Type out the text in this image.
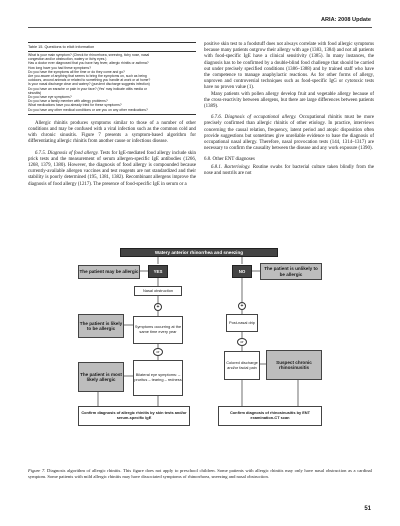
ARIA: 2008 Update
Table 15. Questions to elicit information
What is your main symptom? (Check for rhinorrhoea, sneezing, itchy nose, nasal
congestion and/or obstruction, watery or itchy eyes.)
Has a doctor ever diagnosed that you have hay fever, allergic rhinitis or asthma?
How long have you had these symptoms?
Do you have the symptoms all the time or do they come and go?
Are you aware of anything that seems to bring the symptoms on, such as being
outdoors, around animals or related to something you handle at work or at home?
Is your nasal discharge clear and watery? (purulent discharge suggests infection)
Do you have an earache or pain in your face? (Yes' may indicate otitis media or
sinusitis)
Do you have eye symptoms?
Do you have a family member with allergy problems?
What medications have you already tried for these symptoms?
Do you have any other medical conditions or are you on any other medications?

Allergic rhinitis produces symptoms similar to those of a number of other conditions and may be confused with a viral infection such as the common cold and with chronic sinusitis. Figure 7 presents a symptom-based algorithm for differentiating allergic rhinitis from another cause or infectious disease.

6.7.5. Diagnosis of food allergy. Tests for IgE-mediated food allergy include skin prick tests and the measurement of serum allergen-specific IgE antibodies (1266, 1268, 1379, 1380). However, the diagnosis of food allergy is compounded because currently-available allergen vaccines and test reagents are not standardized and their stability is poorly determined (195, 1381, 1382). Recombinant allergens improve the diagnosis of food allergy (1217). The presence of food-specific IgE in serum or a

positive skin test to a foodstuff does not always correlate with food allergic symptoms because many patients outgrow their allergy with age (1383, 1384) and not all patients with food-specific IgE have a clinical sensitivity (1385). In many instances, the diagnosis has to be confirmed by a double-blind food challenge that should be carried out under precisely specified conditions (1386–1388) and by trained staff who have the competence to manage anaphylactic reactions. As for other forms of allergy, unproven and controversial techniques such as food-specific IgG or cytotoxic tests have no proven value (1).

Many patients with pollen allergy develop fruit and vegetable allergy because of the cross-reactivity between allergens, but there are large differences between patients (1389).

6.7.6. Diagnosis of occupational allergy. Occupational rhinitis must be more precisely confirmed than allergic rhinitis of other etiology. In practice, interviews concerning the causal relation, frequency, latent period and atopic disposition often provide suggestions but sometimes give unreliable evidence to base the diagnosis of occupational nasal allergy. Therefore, nasal provocation tests (144, 1314–1317) are necessary to confirm the causality between the disease and any work exposure (1390).

6.8. Other ENT diagnoses

6.8.1. Bacteriology. Routine swabs for bacterial culture taken blindly from the nose and nostrils are not

Watery anterior rhinorrhea and sneezing
The patient may be allergic	YES	NO
The patient is unlikely to be allergic
Nasal obstruction
+	+
The patient is likely to be allergic	Symptoms occurring at the same time every year
Post-nasal drip
or
or
The patient is most likely allergic
Bilateral eye symptoms: – pruritus – tearing – redness
Colored discharge and/or facial pain
Suspect chronic rhinosinusitis
Confirm diagnosis of allergic rhinitis by skin tests and/or serum-specific IgE
Confirm diagnosis of rhinosinusitis by ENT examination-CT scan
Figure 7. Diagnosis algorithm of allergic rhinitis. This figure does not apply to preschool children. Some patients with allergic rhinitis may only have nasal obstruction as a cardinal symptom. Some patients with mild allergic rhinitis may have dissociated symptoms of rhinorrhoea, sneezing and nasal obstruction.
51
